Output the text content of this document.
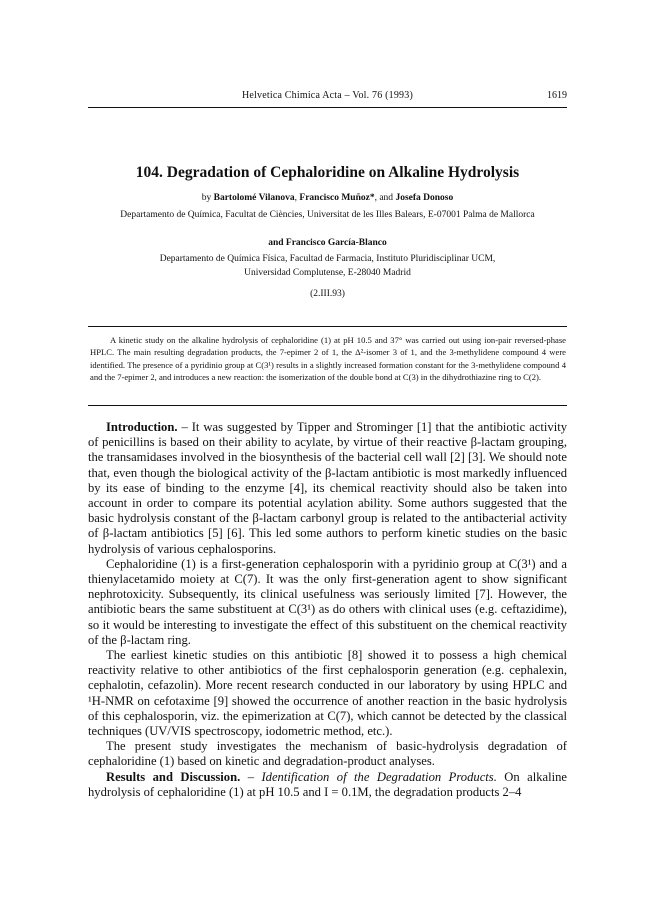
Helvetica Chimica Acta – Vol. 76 (1993)	1619
104. Degradation of Cephaloridine on Alkaline Hydrolysis
by Bartolomé Vilanova, Francisco Muñoz*, and Josefa Donoso
Departamento de Química, Facultat de Ciències, Universitat de les Illes Balears, E-07001 Palma de Mallorca
and Francisco García-Blanco
Departamento de Química Física, Facultad de Farmacia, Instituto Pluridisciplinar UCM,
Universidad Complutense, E-28040 Madrid
(2.III.93)

A kinetic study on the alkaline hydrolysis of cephaloridine (1) at pH 10.5 and 37° was carried out using ion-pair reversed-phase HPLC. The main resulting degradation products, the 7-epimer 2 of 1, the Δ²-isomer 3 of 1, and the 3-methylidene compound 4 were identified. The presence of a pyridinio group at C(3¹) results in a slightly increased formation constant for the 3-methylidene compound 4 and the 7-epimer 2, and introduces a new reaction: the isomerization of the double bond at C(3) in the dihydrothiazine ring to C(2).

Introduction. – It was suggested by Tipper and Strominger [1] that the antibiotic activity of penicillins is based on their ability to acylate, by virtue of their reactive β-lactam grouping, the transamidases involved in the biosynthesis of the bacterial cell wall [2] [3]. We should note that, even though the biological activity of the β-lactam antibiotic is most markedly influenced by its ease of binding to the enzyme [4], its chemical reactivity should also be taken into account in order to compare its potential acylation ability. Some authors suggested that the basic hydrolysis constant of the β-lactam carbonyl group is related to the antibacterial activity of β-lactam antibiotics [5] [6]. This led some authors to perform kinetic studies on the basic hydrolysis of various cephalosporins.

Cephaloridine (1) is a first-generation cephalosporin with a pyridinio group at C(3¹) and a thienylacetamido moiety at C(7). It was the only first-generation agent to show significant nephrotoxicity. Subsequently, its clinical usefulness was seriously limited [7]. However, the antibiotic bears the same substituent at C(3¹) as do others with clinical uses (e.g. ceftazidime), so it would be interesting to investigate the effect of this substituent on the chemical reactivity of the β-lactam ring.

The earliest kinetic studies on this antibiotic [8] showed it to possess a high chemical reactivity relative to other antibiotics of the first cephalosporin generation (e.g. cephalexin, cephalotin, cefazolin). More recent research conducted in our laboratory by using HPLC and ¹H-NMR on cefotaxime [9] showed the occurrence of another reaction in the basic hydrolysis of this cephalosporin, viz. the epimerization at C(7), which cannot be detected by the classical techniques (UV/VIS spectroscopy, iodometric method, etc.).

The present study investigates the mechanism of basic-hydrolysis degradation of cephaloridine (1) based on kinetic and degradation-product analyses.

Results and Discussion. – Identification of the Degradation Products. On alkaline hydrolysis of cephaloridine (1) at pH 10.5 and I = 0.1M, the degradation products 2–4
